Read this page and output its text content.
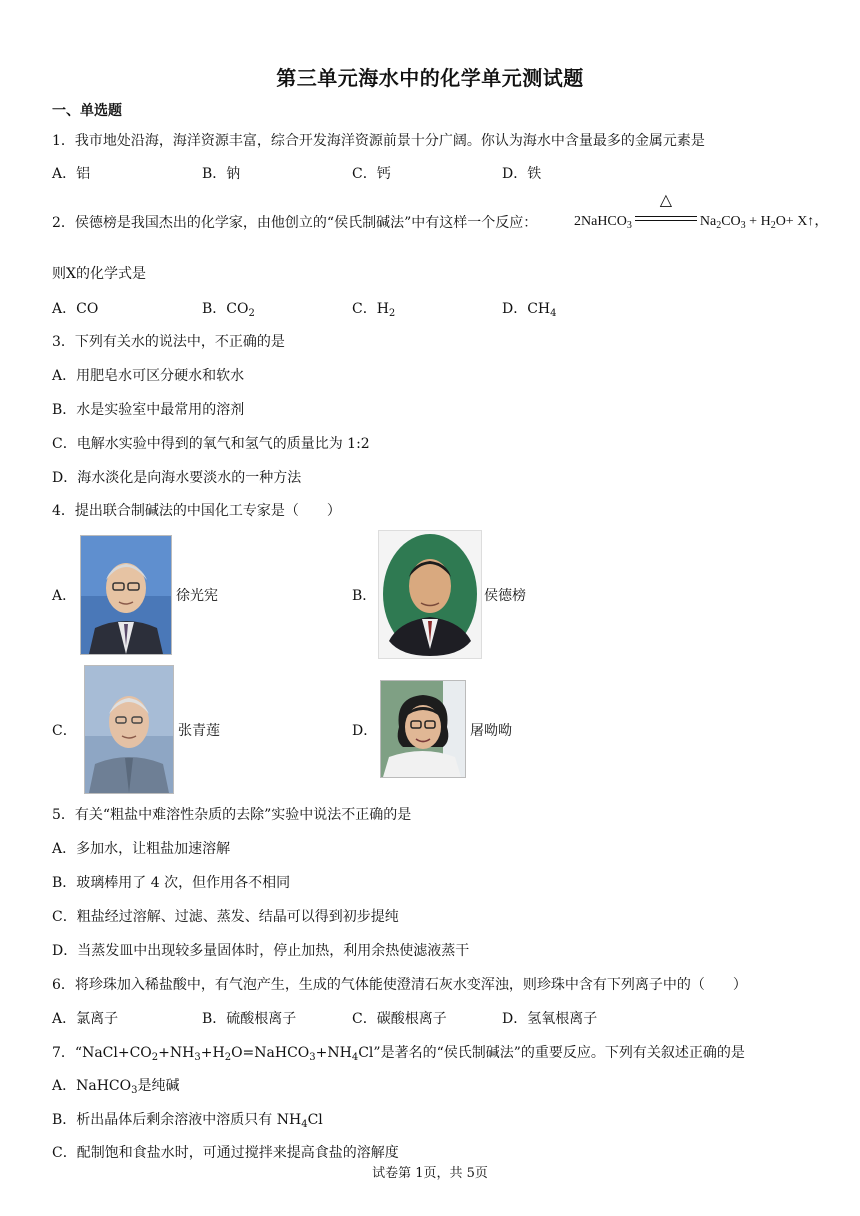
第三单元海水中的化学单元测试题
一、单选题
1．我市地处沿海，海洋资源丰富，综合开发海洋资源前景十分广阔。你认为海水中含量最多的金属元素是
A．铝	B．钠	C．钙	D．铁
2．侯德榜是我国杰出的化学家，由他创立的“侯氏制碱法”中有这样一个反应：	2NaHCO$_3$
△
$Na_2CO_3 + H_2O+$ X↑，
则X的化学式是
A．CO	B．$CO_2$	C．$H_2$	D．$CH_4$
3．下列有关水的说法中，不正确的是
A．用肥皂水可区分硬水和软水
B．水是实验室中最常用的溶剂
C．电解水实验中得到的氧气和氢气的质量比为 1:2
D．海水淡化是向海水要淡水的一种方法
4．提出联合制碱法的中国化工专家是（　　）
A．	徐光宪	B．	侯德榜
C．	张青莲	D．	屠呦呦
5．有关“粗盐中难溶性杂质的去除”实验中说法不正确的是
A．多加水，让粗盐加速溶解
B．玻璃棒用了 4 次，但作用各不相同
C．粗盐经过溶解、过滤、蒸发、结晶可以得到初步提纯
D．当蒸发皿中出现较多量固体时，停止加热，利用余热使滤液蒸干
6．将珍珠加入稀盐酸中，有气泡产生，生成的气体能使澄清石灰水变浑浊，则珍珠中含有下列离子中的（　　）
A．氯离子	B．硫酸根离子	C．碳酸根离子	D．氢氧根离子
7．“$NaCl+CO_2+NH_3+H_2O=NaHCO_3+NH_4Cl$”是著名的“侯氏制碱法”的重要反应。下列有关叙述正确的是
A．NaHCO$_3$是纯碱
B．析出晶体后剩余溶液中溶质只有 $NH_4Cl$
C．配制饱和食盐水时，可通过搅拌来提高食盐的溶解度
试卷第 1页，共 5页
